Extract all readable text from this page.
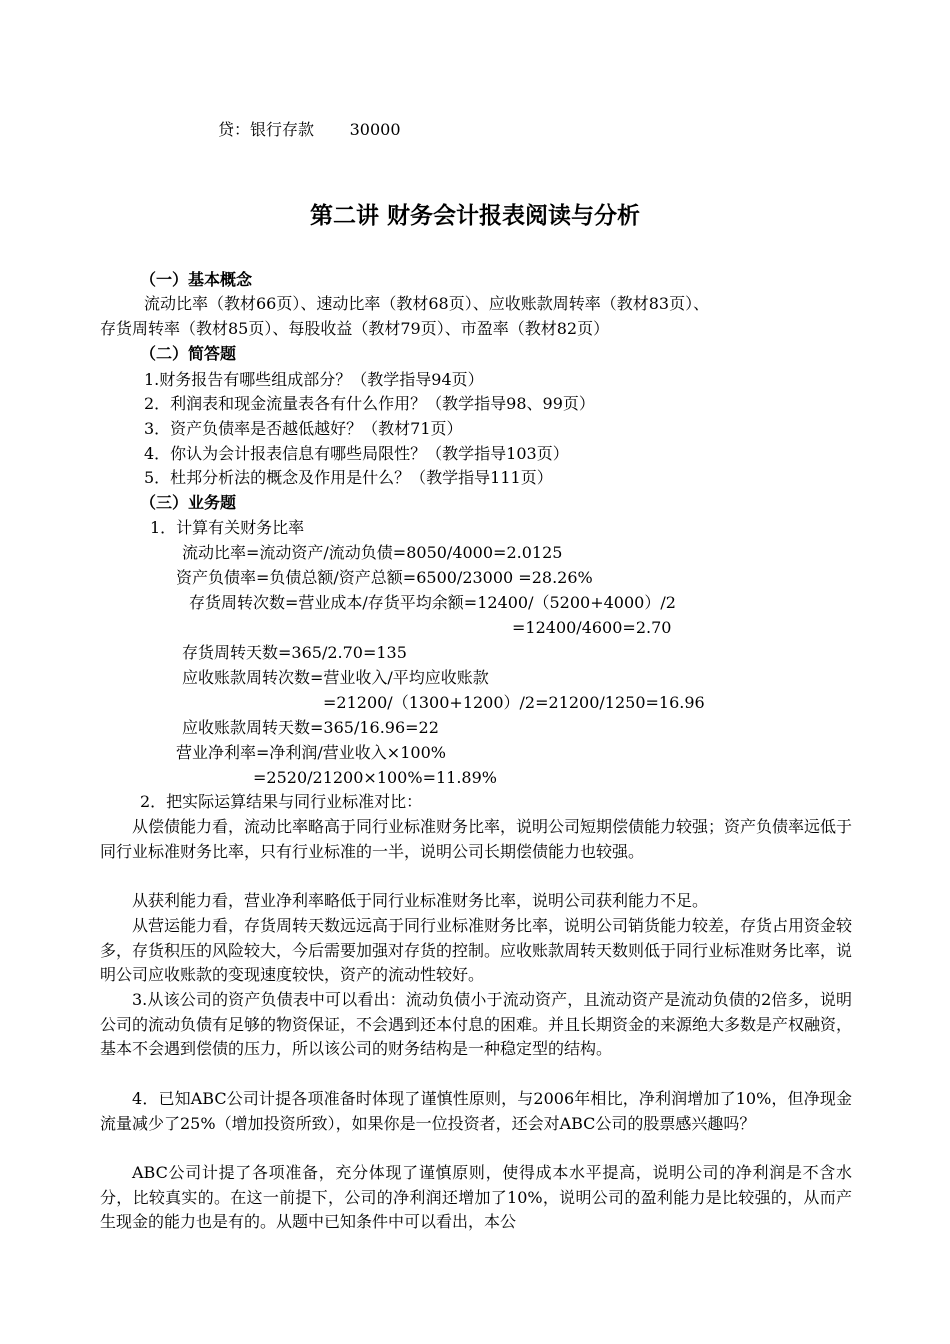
贷：银行存款       30000
第二讲 财务会计报表阅读与分析
（一）基本概念
流动比率（教材66页）、速动比率（教材68页）、应收账款周转率（教材83页）、
存货周转率（教材85页）、每股收益（教材79页）、市盈率（教材82页）
（二）简答题
1.财务报告有哪些组成部分？（教学指导94页）
2．利润表和现金流量表各有什么作用？（教学指导98、99页）
3．资产负债率是否越低越好？（教材71页）
4．你认为会计报表信息有哪些局限性？（教学指导103页）
5．杜邦分析法的概念及作用是什么？（教学指导111页）
（三）业务题
1．计算有关财务比率
流动比率=流动资产/流动负债=8050/4000=2.0125
资产负债率=负债总额/资产总额=6500/23000 =28.26%
存货周转次数=营业成本/存货平均余额=12400/（5200+4000）/2
=12400/4600=2.70
存货周转天数=365/2.70=135
应收账款周转次数=营业收入/平均应收账款
=21200/（1300+1200）/2=21200/1250=16.96
应收账款周转天数=365/16.96=22
营业净利率=净利润/营业收入×100%
=2520/21200×100%=11.89%
2．把实际运算结果与同行业标准对比：
从偿债能力看，流动比率略高于同行业标准财务比率，说明公司短期偿债能力较强；资产负债率远低于同行业标准财务比率，只有行业标准的一半，说明公司长期偿债能力也较强。
从获利能力看，营业净利率略低于同行业标准财务比率，说明公司获利能力不足。
从营运能力看，存货周转天数远远高于同行业标准财务比率，说明公司销货能力较差，存货占用资金较多，存货积压的风险较大，今后需要加强对存货的控制。应收账款周转天数则低于同行业标准财务比率，说明公司应收账款的变现速度较快，资产的流动性较好。
3.从该公司的资产负债表中可以看出：流动负债小于流动资产，且流动资产是流动负债的2倍多，说明公司的流动负债有足够的物资保证，不会遇到还本付息的困难。并且长期资金的来源绝大多数是产权融资，基本不会遇到偿债的压力，所以该公司的财务结构是一种稳定型的结构。
4．已知ABC公司计提各项准备时体现了谨慎性原则，与2006年相比，净利润增加了10%，但净现金流量减少了25%（增加投资所致），如果你是一位投资者，还会对ABC公司的股票感兴趣吗？
ABC公司计提了各项准备，充分体现了谨慎原则，使得成本水平提高，说明公司的净利润是不含水分，比较真实的。在这一前提下，公司的净利润还增加了10%，说明公司的盈利能力是比较强的，从而产生现金的能力也是有的。从题中已知条件中可以看出，本公
